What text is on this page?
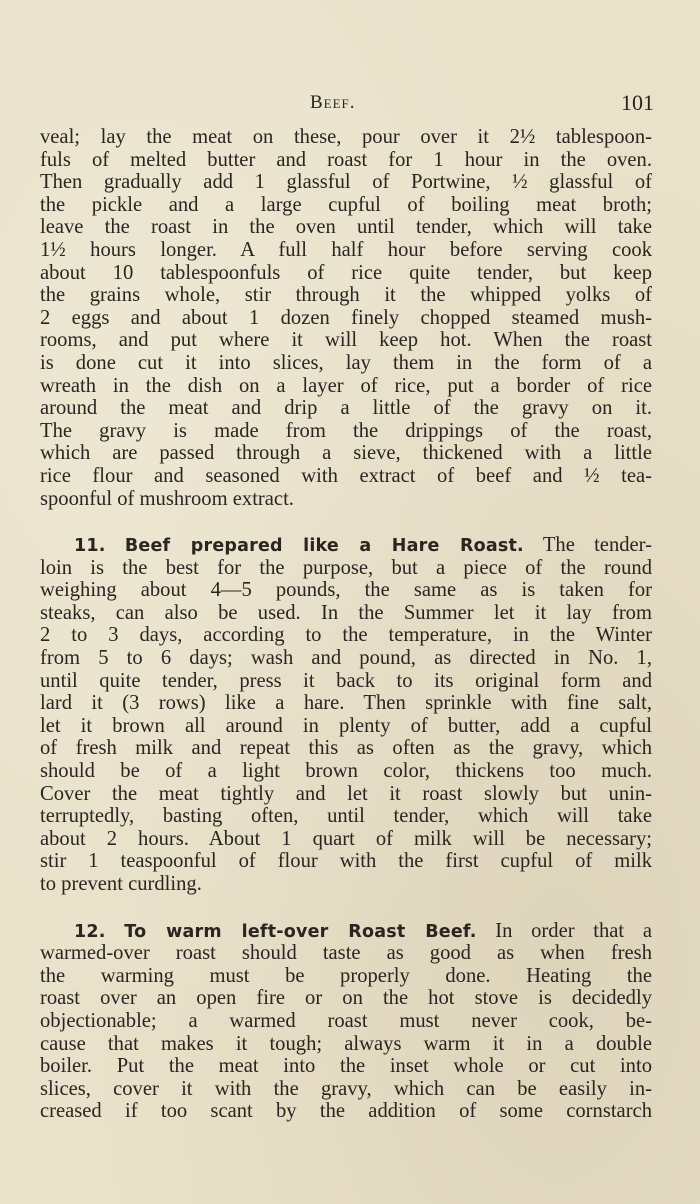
Beef.	101
veal; lay the meat on these, pour over it 2½ tablespoon-
fuls of melted butter and roast for 1 hour in the oven.
Then gradually add 1 glassful of Portwine, ½ glassful of
the pickle and a large cupful of boiling meat broth;
leave the roast in the oven until tender, which will take
1½ hours longer. A full half hour before serving cook
about 10 tablespoonfuls of rice quite tender, but keep
the grains whole, stir through it the whipped yolks of
2 eggs and about 1 dozen finely chopped steamed mush-
rooms, and put where it will keep hot. When the roast
is done cut it into slices, lay them in the form of a
wreath in the dish on a layer of rice, put a border of rice
around the meat and drip a little of the gravy on it.
The gravy is made from the drippings of the roast,
which are passed through a sieve, thickened with a little
rice flour and seasoned with extract of beef and ½ tea-
spoonful of mushroom extract.
11. Beef prepared like a Hare Roast. The tender-
loin is the best for the purpose, but a piece of the round
weighing about 4—5 pounds, the same as is taken for
steaks, can also be used. In the Summer let it lay from
2 to 3 days, according to the temperature, in the Winter
from 5 to 6 days; wash and pound, as directed in No. 1,
until quite tender, press it back to its original form and
lard it (3 rows) like a hare. Then sprinkle with fine salt,
let it brown all around in plenty of butter, add a cupful
of fresh milk and repeat this as often as the gravy, which
should be of a light brown color, thickens too much.
Cover the meat tightly and let it roast slowly but unin-
terruptedly, basting often, until tender, which will take
about 2 hours. About 1 quart of milk will be necessary;
stir 1 teaspoonful of flour with the first cupful of milk
to prevent curdling.
12. To warm left-over Roast Beef. In order that a
warmed-over roast should taste as good as when fresh
the warming must be properly done. Heating the
roast over an open fire or on the hot stove is decidedly
objectionable; a warmed roast must never cook, be-
cause that makes it tough; always warm it in a double
boiler. Put the meat into the inset whole or cut into
slices, cover it with the gravy, which can be easily in-
creased if too scant by the addition of some cornstarch
